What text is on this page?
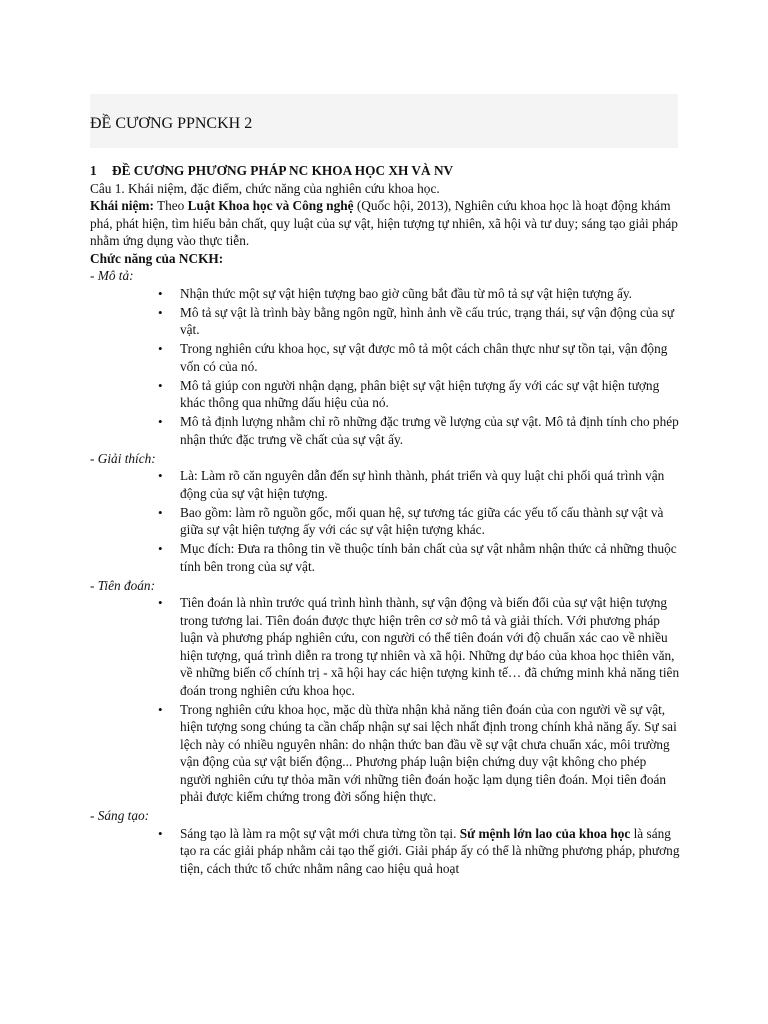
ĐỀ CƯƠNG PPNCKH 2

1 ĐỀ CƯƠNG PHƯƠNG PHÁP NC KHOA HỌC XH VÀ NV

Câu 1. Khái niệm, đặc điểm, chức năng của nghiên cứu khoa học.

Khái niệm: Theo Luật Khoa học và Công nghệ (Quốc hội, 2013), Nghiên cứu khoa học là hoạt động khám phá, phát hiện, tìm hiểu bản chất, quy luật của sự vật, hiện tượng tự nhiên, xã hội và tư duy; sáng tạo giải pháp nhằm ứng dụng vào thực tiễn.

Chức năng của NCKH:

- Mô tả:

• Nhận thức một sự vật hiện tượng bao giờ cũng bắt đầu từ mô tả sự vật hiện tượng ấy.
• Mô tả sự vật là trình bày bằng ngôn ngữ, hình ảnh về cấu trúc, trạng thái, sự vận động của sự vật.
• Trong nghiên cứu khoa học, sự vật được mô tả một cách chân thực như sự tồn tại, vận động vốn có của nó.
• Mô tả giúp con người nhận dạng, phân biệt sự vật hiện tượng ấy với các sự vật hiện tượng khác thông qua những dấu hiệu của nó.
• Mô tả định lượng nhằm chỉ rõ những đặc trưng về lượng của sự vật. Mô tả định tính cho phép nhận thức đặc trưng về chất của sự vật ấy.

- Giải thích:

• Là: Làm rõ căn nguyên dẫn đến sự hình thành, phát triển và quy luật chi phối quá trình vận động của sự vật hiện tượng.
• Bao gồm: làm rõ nguồn gốc, mối quan hệ, sự tương tác giữa các yếu tố cấu thành sự vật và giữa sự vật hiện tượng ấy với các sự vật hiện tượng khác.
• Mục đích: Đưa ra thông tin về thuộc tính bản chất của sự vật nhằm nhận thức cả những thuộc tính bên trong của sự vật.

- Tiên đoán:

• Tiên đoán là nhìn trước quá trình hình thành, sự vận động và biến đổi của sự vật hiện tượng trong tương lai. Tiên đoán được thực hiện trên cơ sở mô tả và giải thích. Với phương pháp luận và phương pháp nghiên cứu, con người có thể tiên đoán với độ chuẩn xác cao về nhiều hiện tượng, quá trình diễn ra trong tự nhiên và xã hội. Những dự báo của khoa học thiên văn, về những biến cố chính trị - xã hội hay các hiện tượng kinh tế… đã chứng minh khả năng tiên đoán trong nghiên cứu khoa học.
• Trong nghiên cứu khoa học, mặc dù thừa nhận khả năng tiên đoán của con người về sự vật, hiện tượng song chúng ta cần chấp nhận sự sai lệch nhất định trong chính khả năng ấy. Sự sai lệch này có nhiều nguyên nhân: do nhận thức ban đầu về sự vật chưa chuẩn xác, môi trường vận động của sự vật biến động... Phương pháp luận biện chứng duy vật không cho phép người nghiên cứu tự thỏa mãn với những tiên đoán hoặc lạm dụng tiên đoán. Mọi tiên đoán phải được kiểm chứng trong đời sống hiện thực.

- Sáng tạo:

• Sáng tạo là làm ra một sự vật mới chưa từng tồn tại. Sứ mệnh lớn lao của khoa học là sáng tạo ra các giải pháp nhằm cải tạo thế giới. Giải pháp ấy có thể là những phương pháp, phương tiện, cách thức tổ chức nhằm nâng cao hiệu quả hoạt
